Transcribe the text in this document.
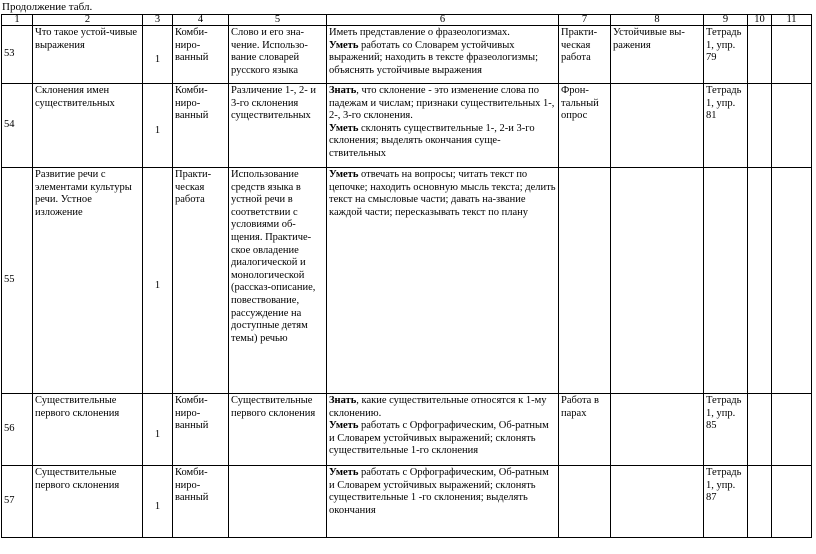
Продолжение табл.
1	2	3	4	5	6	7	8	9	10	11
53	Что такое устой-чивые выражения	1	Комби-ниро-ванный	Слово и его зна-чение. Использо-вание словарей русского языка	Иметь представление о фразеологизмах.
Уметь работать со Словарем устойчивых выражений; находить в тексте фразеологизмы; объяснять устойчивые выражения	Практи-ческая работа	Устойчивые вы-ражения	Тетрадь 1, упр. 79		
54	Склонения имен существительных	1	Комби-ниро-ванный	Различение 1-, 2- и 3-го склонения существительных	Знать, что склонение - это изменение слова по падежам и числам; признаки существительных 1-, 2-, 3-го склонения.
Уметь склонять существительные 1-, 2-и 3-го склонения; выделять окончания суще-ствительных	Фрон-тальный опрос		Тетрадь 1, упр. 81		
55	Развитие речи с элементами культуры речи. Устное изложение	1	Практи-ческая работа	Использование средств языка в устной речи в соответствии с условиями об-щения. Практиче-ское овладение диалогической и монологической (рассказ-описание, повествование, рассуждение на доступные детям темы) речью	Уметь отвечать на вопросы; читать текст по цепочке; находить основную мысль текста; делить текст на смысловые части; давать на-звание каждой части; пересказывать текст по плану					

56	Существительные первого склонения	1	Комби-ниро-ванный	Существительные первого склонения	Знать, какие существительные относятся к 1-му склонению.
Уметь работать с Орфографическим, Об-ратным и Словарем устойчивых выражений; склонять существительные 1-го склонения	Работа в парах		Тетрадь 1, упр. 85		
57	Существительные первого склонения	1	Комби-ниро-ванный		Уметь работать с Орфографическим, Об-ратным и Словарем устойчивых выражений; склонять существительные 1 -го склонения; выделять окончания			Тетрадь 1, упр. 87		
